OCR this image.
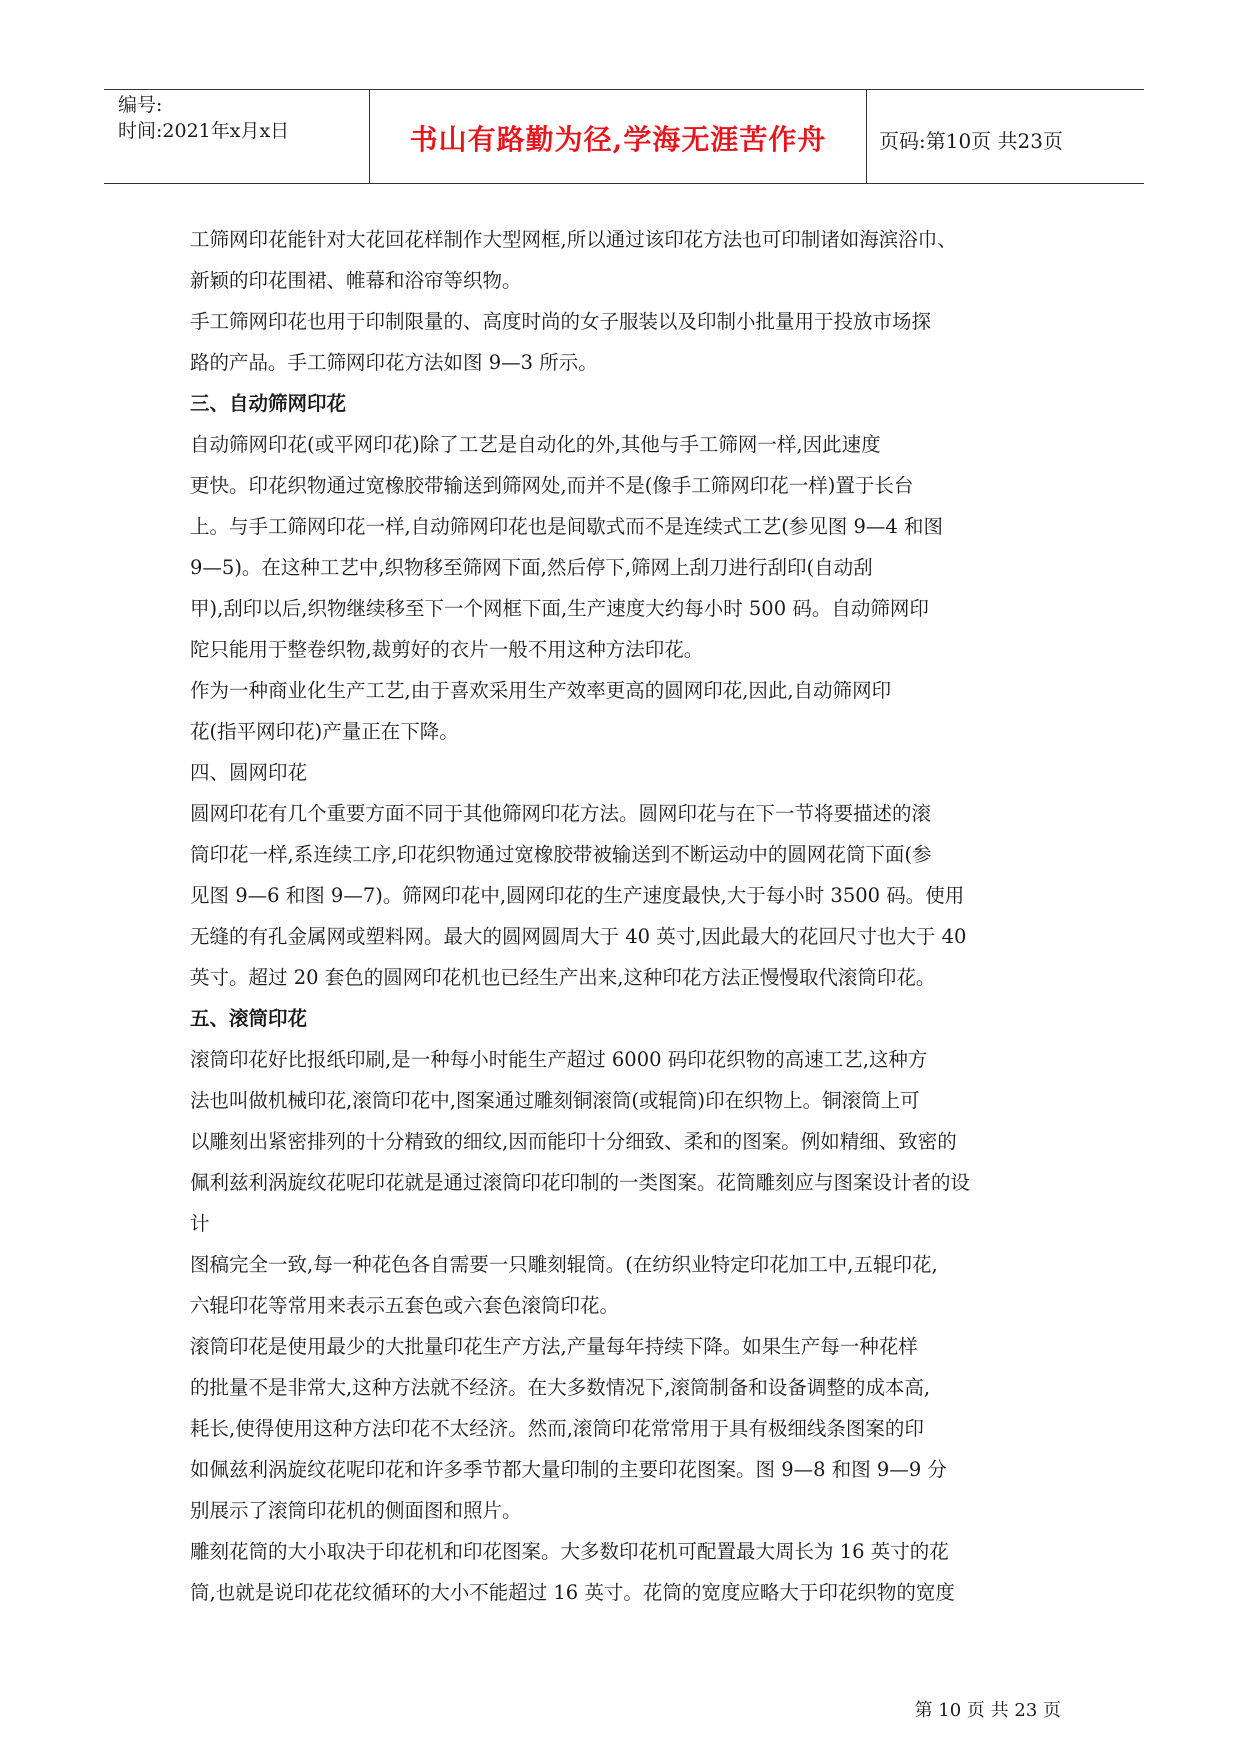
编号:
时间:2021年x月x日	书山有路勤为径,学海无涯苦作舟	页码:第10页 共23页
工筛网印花能针对大花回花样制作大型网框,所以通过该印花方法也可印制诸如海滨浴巾、
新颖的印花围裙、帷幕和浴帘等织物。
手工筛网印花也用于印制限量的、高度时尚的女子服装以及印制小批量用于投放市场探
路的产品。手工筛网印花方法如图 9—3 所示。
三、自动筛网印花
自动筛网印花(或平网印花)除了工艺是自动化的外,其他与手工筛网一样,因此速度
更快。印花织物通过宽橡胶带输送到筛网处,而并不是(像手工筛网印花一样)置于长台
上。与手工筛网印花一样,自动筛网印花也是间歇式而不是连续式工艺(参见图 9—4 和图
9—5)。在这种工艺中,织物移至筛网下面,然后停下,筛网上刮刀进行刮印(自动刮
甲),刮印以后,织物继续移至下一个网框下面,生产速度大约每小时 500 码。自动筛网印
陀只能用于整卷织物,裁剪好的衣片一般不用这种方法印花。
作为一种商业化生产工艺,由于喜欢采用生产效率更高的圆网印花,因此,自动筛网印
花(指平网印花)产量正在下降。
四、圆网印花
圆网印花有几个重要方面不同于其他筛网印花方法。圆网印花与在下一节将要描述的滚
筒印花一样,系连续工序,印花织物通过宽橡胶带被输送到不断运动中的圆网花筒下面(参
见图 9—6 和图 9—7)。筛网印花中,圆网印花的生产速度最快,大于每小时 3500 码。使用
无缝的有孔金属网或塑料网。最大的圆网圆周大于 40 英寸,因此最大的花回尺寸也大于 40
英寸。超过 20 套色的圆网印花机也已经生产出来,这种印花方法正慢慢取代滚筒印花。
五、滚筒印花
滚筒印花好比报纸印刷,是一种每小时能生产超过 6000 码印花织物的高速工艺,这种方
法也叫做机械印花,滚筒印花中,图案通过雕刻铜滚筒(或辊筒)印在织物上。铜滚筒上可
以雕刻出紧密排列的十分精致的细纹,因而能印十分细致、柔和的图案。例如精细、致密的
佩利兹利涡旋纹花呢印花就是通过滚筒印花印制的一类图案。花筒雕刻应与图案设计者的设
计
图稿完全一致,每一种花色各自需要一只雕刻辊筒。(在纺织业特定印花加工中,五辊印花,
六辊印花等常用来表示五套色或六套色滚筒印花。
滚筒印花是使用最少的大批量印花生产方法,产量每年持续下降。如果生产每一种花样
的批量不是非常大,这种方法就不经济。在大多数情况下,滚筒制备和设备调整的成本高,
耗长,使得使用这种方法印花不太经济。然而,滚筒印花常常用于具有极细线条图案的印
如佩兹利涡旋纹花呢印花和许多季节都大量印制的主要印花图案。图 9—8 和图 9—9 分
别展示了滚筒印花机的侧面图和照片。
雕刻花筒的大小取决于印花机和印花图案。大多数印花机可配置最大周长为 16 英寸的花
筒,也就是说印花花纹循环的大小不能超过 16 英寸。花筒的宽度应略大于印花织物的宽度
第 10 页 共 23 页
